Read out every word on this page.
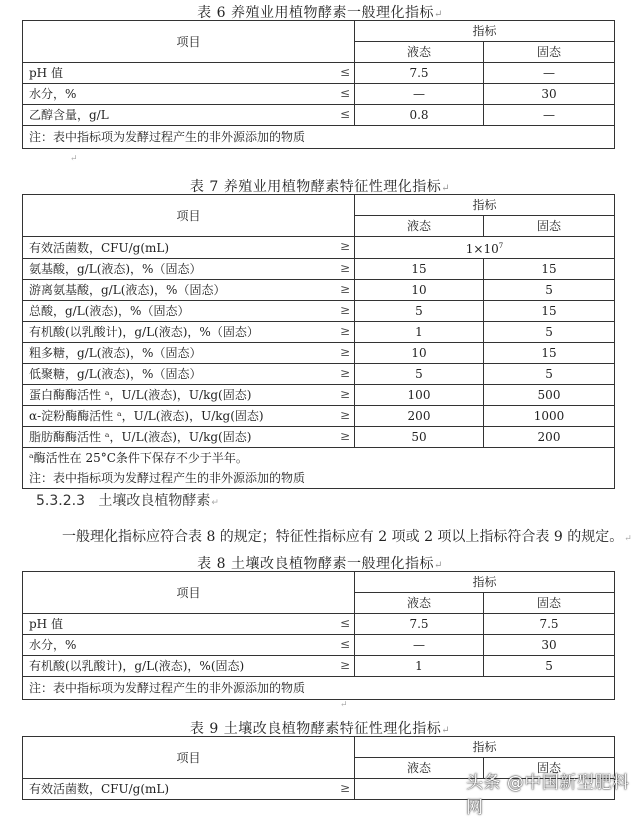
表 6 养殖业用植物酵素一般理化指标↵
项目	指标	
	液态	固态
pH 值 ≤	7.5	—
水分，% ≤	—	30
乙醇含量，g/L ≤	0.8	—
注：表中指标项为发酵过程产生的非外源添加的物质		
↵
表 7 养殖业用植物酵素特征性理化指标↵
项目	指标	
	液态	固态
有效活菌数，CFU/g(mL) ≥	$1\times 10^7$
氨基酸，g/L(液态)，%（固态） ≥	15	15
游离氨基酸，g/L(液态)，%（固态） ≥	10	5
总酸，g/L(液态)，%（固态） ≥	5	15
有机酸(以乳酸计)，g/L(液态)，%（固态） ≥	1	5
粗多糖，g/L(液态)，%（固态） ≥	10	15
低聚糖，g/L(液态)，%（固态） ≥	5	5
蛋白酶酶活性 ᵃ，U/L(液态)，U/kg(固态) ≥	100	500
α-淀粉酶酶活性 ᵃ，U/L(液态)，U/kg(固态) ≥	200	1000
脂肪酶酶活性 ᵃ，U/L(液态)，U/kg(固态) ≥	50	200

ᵃ酶活性在 25°C条件下保存不少于半年。
注：表中指标项为发酵过程产生的非外源添加的物质		
5.3.2.3 土壤改良植物酵素↵
一般理化指标应符合表 8 的规定；特征性指标应有 2 项或 2 项以上指标符合表 9 的规定。↵
表 8 土壤改良植物酵素一般理化指标↵
项目	指标	
	液态	固态
pH 值 ≤	7.5	7.5
水分，% ≤	—	30
有机酸(以乳酸计)，g/L(液态)，%(固态) ≥	1	5
注：表中指标项为发酵过程产生的非外源添加的物质		
↵
表 9 土壤改良植物酵素特征性理化指标↵
项目	指标	
	液态	固态
有效活菌数，CFU/g(mL) ≥		
		头条 @中国新型肥料网
